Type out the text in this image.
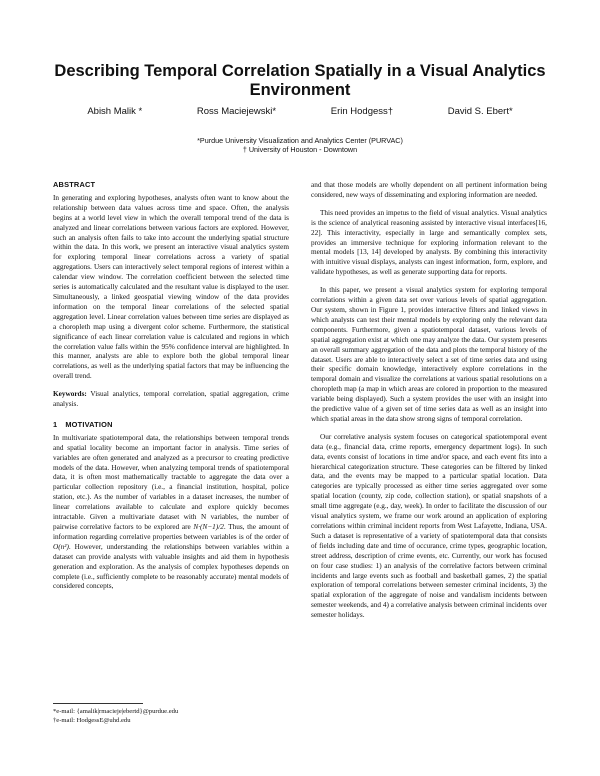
Describing Temporal Correlation Spatially in a Visual Analytics Environment
Abish Malik *	Ross Maciejewski*	Erin Hodgess†	David S. Ebert*
*Purdue University Visualization and Analytics Center (PURVAC)
† University of Houston - Downtown
ABSTRACT

In generating and exploring hypotheses, analysts often want to know about the relationship between data values across time and space. Often, the analysis begins at a world level view in which the overall temporal trend of the data is analyzed and linear correlations between various factors are explored. However, such an analysis often fails to take into account the underlying spatial structure within the data. In this work, we present an interactive visual analytics system for exploring temporal linear correlations across a variety of spatial aggregations. Users can interactively select temporal regions of interest within a calendar view window. The correlation coefficient between the selected time series is automatically calculated and the resultant value is displayed to the user. Simultaneously, a linked geospatial viewing window of the data provides information on the temporal linear correlations of the selected spatial aggregation level. Linear correlation values between time series are displayed as a choropleth map using a divergent color scheme. Furthermore, the statistical significance of each linear correlation value is calculated and regions in which the correlation value falls within the 95% confidence interval are highlighted. In this manner, analysts are able to explore both the global temporal linear correlations, as well as the underlying spatial factors that may be influencing the overall trend.

Keywords: Visual analytics, temporal correlation, spatial aggregation, crime analysis.

1 MOTIVATION

In multivariate spatiotemporal data, the relationships between temporal trends and spatial locality become an important factor in analysis. Time series of variables are often generated and analyzed as a precursor to creating predictive models of the data. However, when analyzing temporal trends of spatiotemporal data, it is often most mathematically tractable to aggregate the data over a particular collection repository (i.e., a financial institution, hospital, police station, etc.). As the number of variables in a dataset increases, the number of linear correlations available to calculate and explore quickly becomes intractable. Given a multivariate dataset with N variables, the number of pairwise correlative factors to be explored are N·(N−1)/2. Thus, the amount of information regarding correlative properties between variables is of the order of O(n²). However, understanding the relationships between variables within a dataset can provide analysts with valuable insights and aid them in hypothesis generation and exploration. As the analysis of complex hypotheses depends on complete (i.e., sufficiently complete to be reasonably accurate) mental models of considered concepts,

and that those models are wholly dependent on all pertinent information being considered, new ways of disseminating and exploring information are needed.

This need provides an impetus to the field of visual analytics. Visual analytics is the science of analytical reasoning assisted by interactive visual interfaces[16, 22]. This interactivity, especially in large and semantically complex sets, provides an immersive technique for exploring information relevant to the mental models [13, 14] developed by analysts. By combining this interactivity with intuitive visual displays, analysts can ingest information, form, explore, and validate hypotheses, as well as generate supporting data for reports.

In this paper, we present a visual analytics system for exploring temporal correlations within a given data set over various levels of spatial aggregation. Our system, shown in Figure 1, provides interactive filters and linked views in which analysts can test their mental models by exploring only the relevant data components. Furthermore, given a spatiotemporal dataset, various levels of spatial aggregation exist at which one may analyze the data. Our system presents an overall summary aggregation of the data and plots the temporal history of the dataset. Users are able to interactively select a set of time series data and using their specific domain knowledge, interactively explore correlations in the temporal domain and visualize the correlations at various spatial resolutions on a choropleth map (a map in which areas are colored in proportion to the measured variable being displayed). Such a system provides the user with an insight into the predictive value of a given set of time series data as well as an insight into which spatial areas in the data show strong signs of temporal correlation.

Our correlative analysis system focuses on categorical spatiotemporal event data (e.g., financial data, crime reports, emergency department logs). In such data, events consist of locations in time and/or space, and each event fits into a hierarchical categorization structure. These categories can be filtered by linked data, and the events may be mapped to a particular spatial location. Data categories are typically processed as either time series aggregated over some spatial location (county, zip code, collection station), or spatial snapshots of a small time aggregate (e.g., day, week). In order to facilitate the discussion of our visual analytics system, we frame our work around an application of exploring correlations within criminal incident reports from West Lafayette, Indiana, USA. Such a dataset is representative of a variety of spatiotemporal data that consists of fields including date and time of occurance, crime types, geographic location, street address, description of crime events, etc. Currently, our work has focused on four case studies: 1) an analysis of the correlative factors between criminal incidents and large events such as football and basketball games, 2) the spatial exploration of temporal correlations between semester criminal incidents, 3) the spatial exploration of the aggregate of noise and vandalism incidents between semester weekends, and 4) a correlative analysis between criminal incidents over semester holidays.

*e-mail: {amalik|rmacieje|ebertd}@purdue.edu
†e-mail: HodgessE@uhd.edu
